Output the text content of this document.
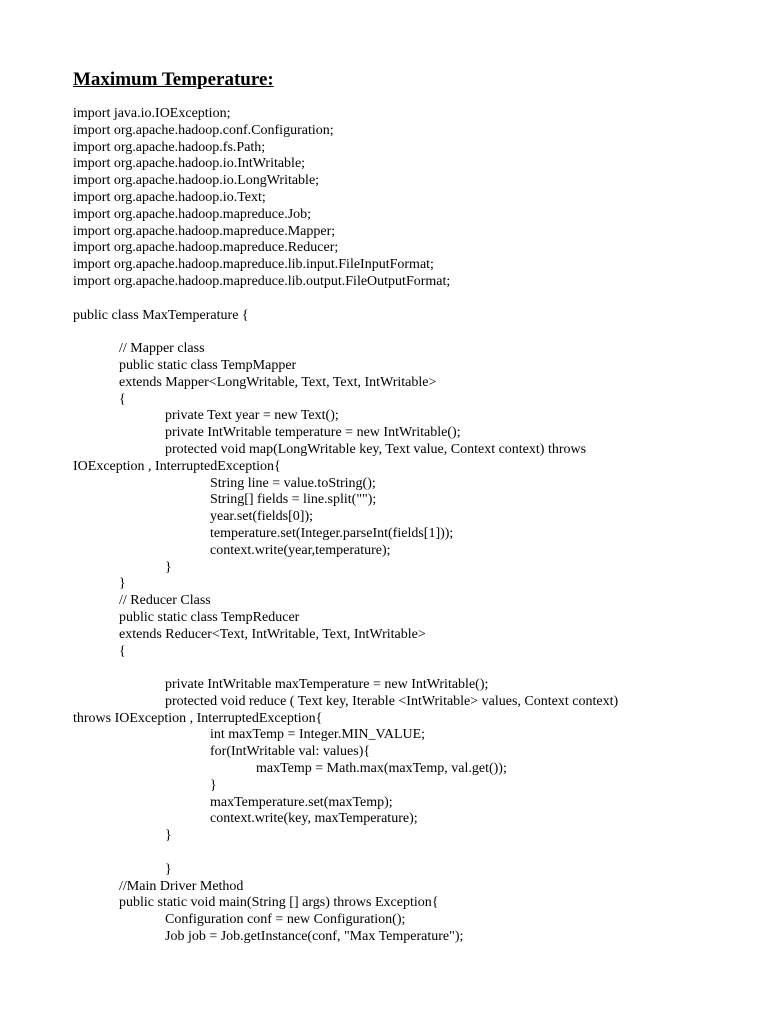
Maximum Temperature:
import java.io.IOException;
import org.apache.hadoop.conf.Configuration;
import org.apache.hadoop.fs.Path;
import org.apache.hadoop.io.IntWritable;
import org.apache.hadoop.io.LongWritable;
import org.apache.hadoop.io.Text;
import org.apache.hadoop.mapreduce.Job;
import org.apache.hadoop.mapreduce.Mapper;
import org.apache.hadoop.mapreduce.Reducer;
import org.apache.hadoop.mapreduce.lib.input.FileInputFormat;
import org.apache.hadoop.mapreduce.lib.output.FileOutputFormat;
public class MaxTemperature {
// Mapper class
public static class TempMapper
extends Mapper<LongWritable, Text, Text, IntWritable>
{
private Text year = new Text();
private IntWritable temperature = new IntWritable();
protected void map(LongWritable key, Text value, Context context) throws
IOException , InterruptedException{
String line = value.toString();
String[] fields = line.split("");
year.set(fields[0]);
temperature.set(Integer.parseInt(fields[1]));
context.write(year,temperature);
}
}
// Reducer Class
public static class TempReducer
extends Reducer<Text, IntWritable, Text, IntWritable>
{
private IntWritable maxTemperature = new IntWritable();
protected void reduce ( Text key, Iterable <IntWritable> values, Context context)
throws IOException , InterruptedException{
int maxTemp = Integer.MIN_VALUE;
for(IntWritable val: values){
maxTemp = Math.max(maxTemp, val.get());
}
maxTemperature.set(maxTemp);
context.write(key, maxTemperature);
}
}
//Main Driver Method
public static void main(String [] args) throws Exception{
Configuration conf = new Configuration();
Job job = Job.getInstance(conf, "Max Temperature");
